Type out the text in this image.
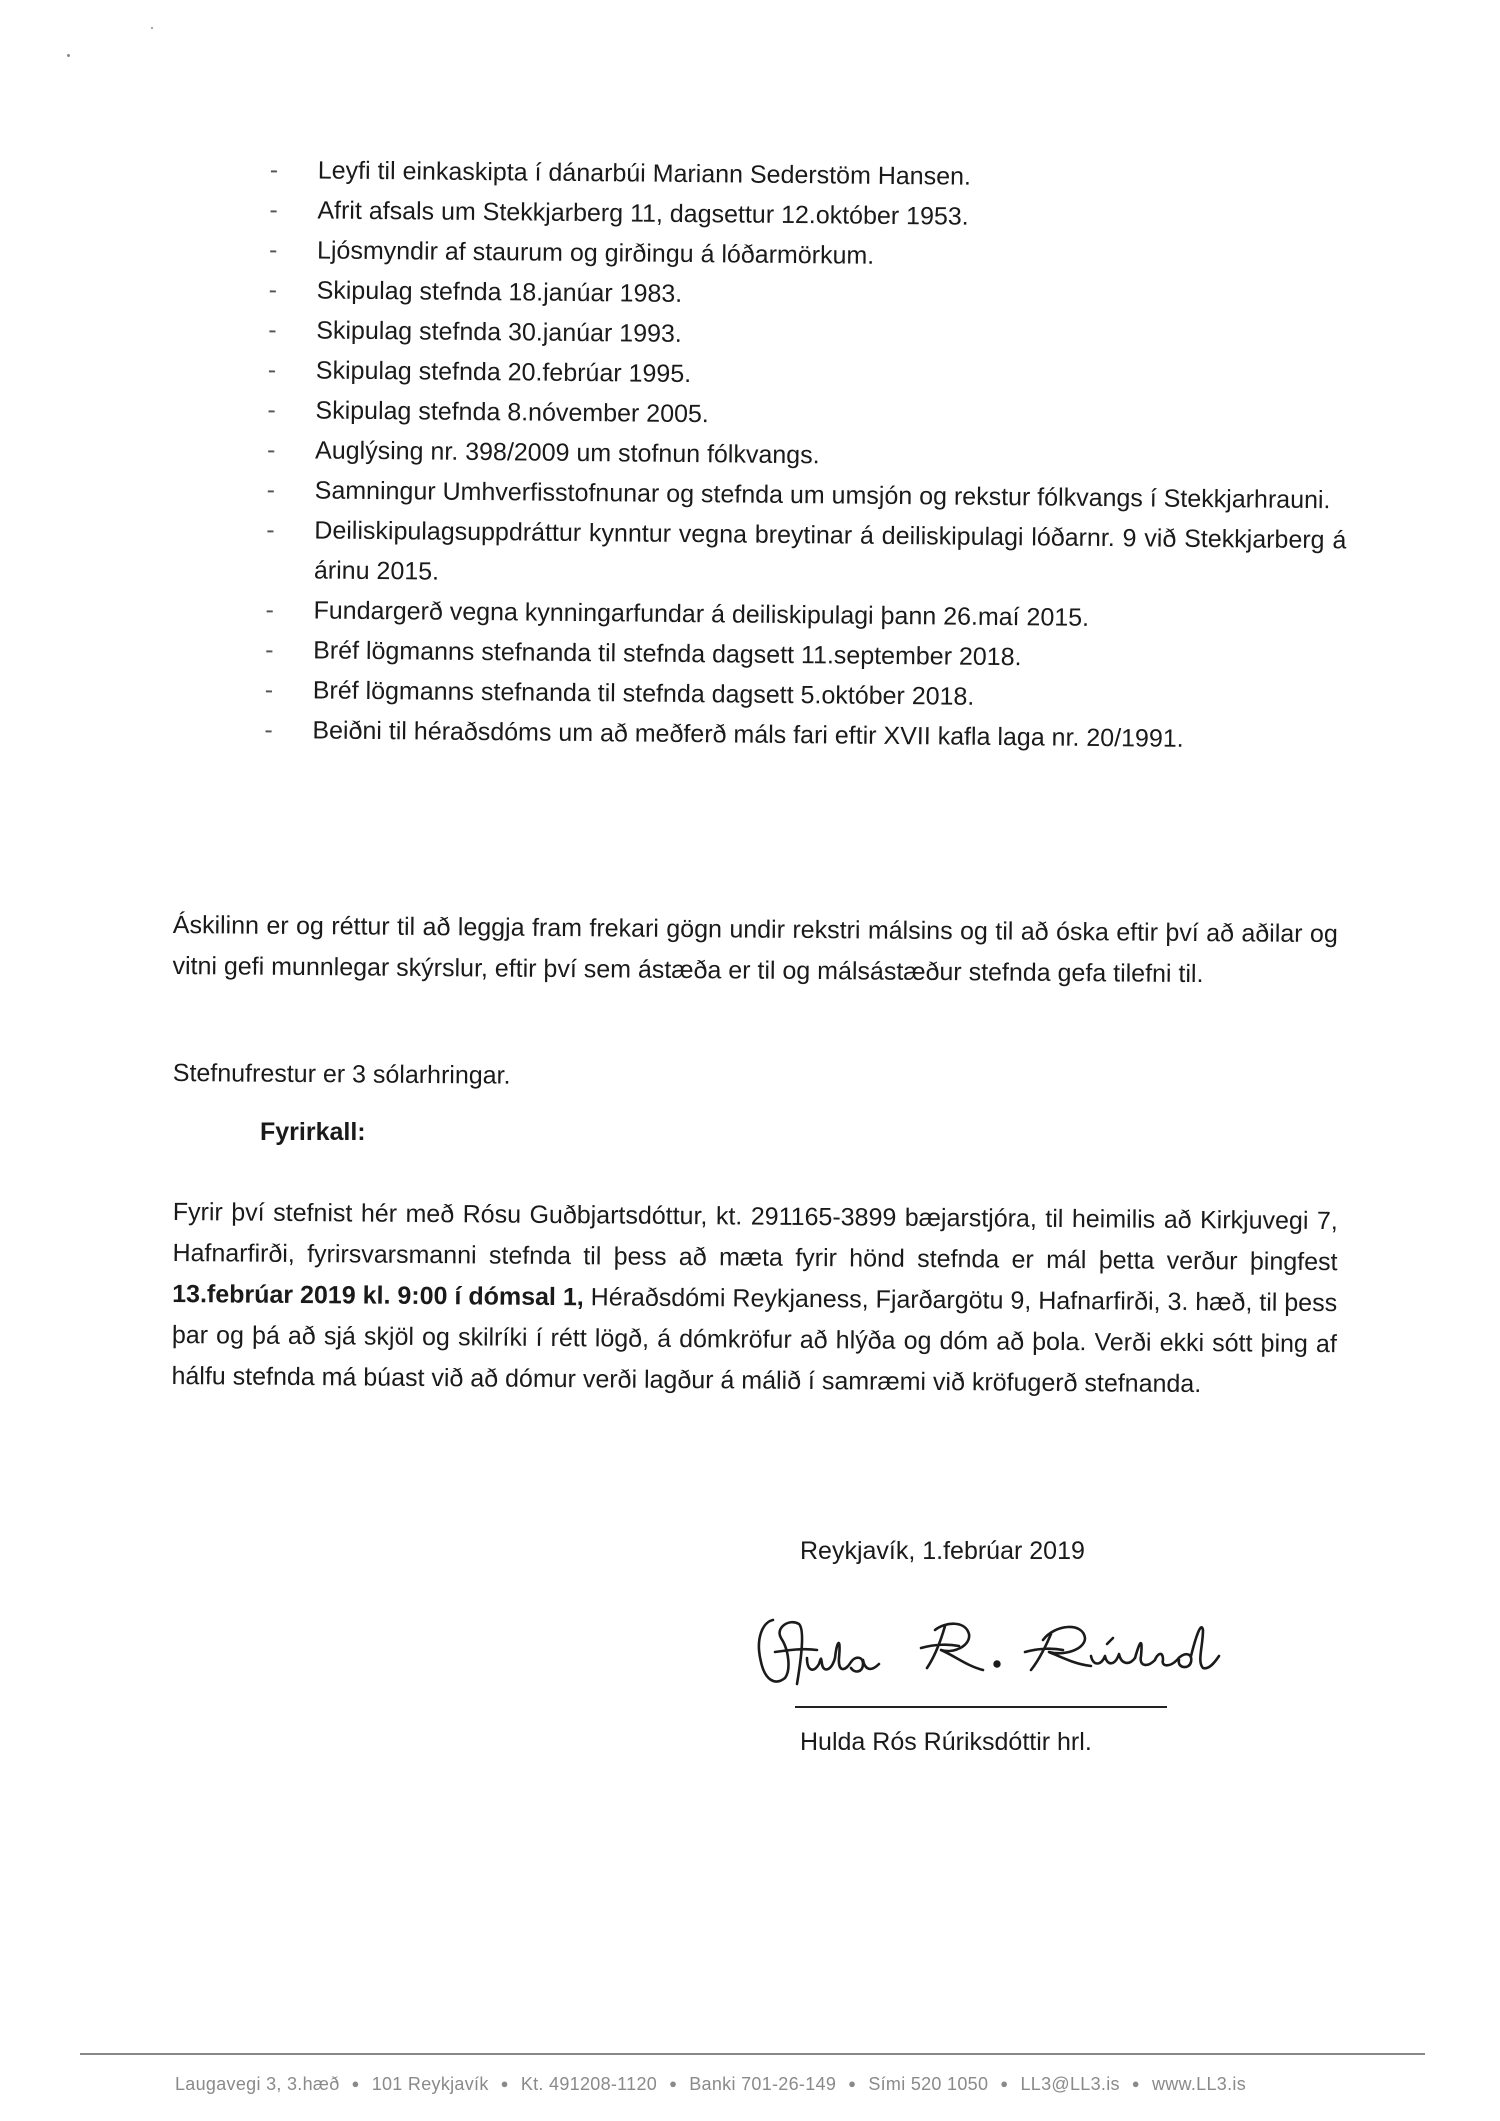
- Leyfi til einkaskipta í dánarbúi Mariann Sederstöm Hansen.
- Afrit afsals um Stekkjarberg 11, dagsettur 12.október 1953.
- Ljósmyndir af staurum og girðingu á lóðarmörkum.
- Skipulag stefnda 18.janúar 1983.
- Skipulag stefnda 30.janúar 1993.
- Skipulag stefnda 20.febrúar 1995.
- Skipulag stefnda 8.nóvember 2005.
- Auglýsing nr. 398/2009 um stofnun fólkvangs.
- Samningur Umhverfisstofnunar og stefnda um umsjón og rekstur fólkvangs í Stekkjarhrauni.
- Deiliskipulagsuppdráttur kynntur vegna breytinar á deiliskipulagi lóðarnr. 9 við Stekkjarberg á árinu 2015.
- Fundargerð vegna kynningarfundar á deiliskipulagi þann 26.maí 2015.
- Bréf lögmanns stefnanda til stefnda dagsett 11.september 2018.
- Bréf lögmanns stefnanda til stefnda dagsett 5.október 2018.
- Beiðni til héraðsdóms um að meðferð máls fari eftir XVII kafla laga nr. 20/1991.

Áskilinn er og réttur til að leggja fram frekari gögn undir rekstri málsins og til að óska eftir því að aðilar og vitni gefi munnlegar skýrslur, eftir því sem ástæða er til og málsástæður stefnda gefa tilefni til.

Stefnufrestur er 3 sólarhringar.

Fyrirkall:

Fyrir því stefnist hér með Rósu Guðbjartsdóttur, kt. 291165-3899 bæjarstjóra, til heimilis að Kirkjuvegi 7, Hafnarfirði, fyrirsvarsmanni stefnda til þess að mæta fyrir hönd stefnda er mál þetta verður þingfest 13.febrúar 2019 kl. 9:00 í dómsal 1, Héraðsdómi Reykjaness, Fjarðargötu 9, Hafnarfirði, 3. hæð, til þess þar og þá að sjá skjöl og skilríki í rétt lögð, á dómkröfur að hlýða og dóm að þola. Verði ekki sótt þing af hálfu stefnda má búast við að dómur verði lagður á málið í samræmi við kröfugerð stefnanda.

Reykjavík, 1.febrúar 2019

Hulda R. Rúriksd

Hulda Rós Rúriksdóttir hrl.

Laugavegi 3, 3.hæð ● 101 Reykjavík ● Kt. 491208-1120 ● Banki 701-26-149 ● Sími 520 1050 ● LL3@LL3.is ● www.LL3.is
